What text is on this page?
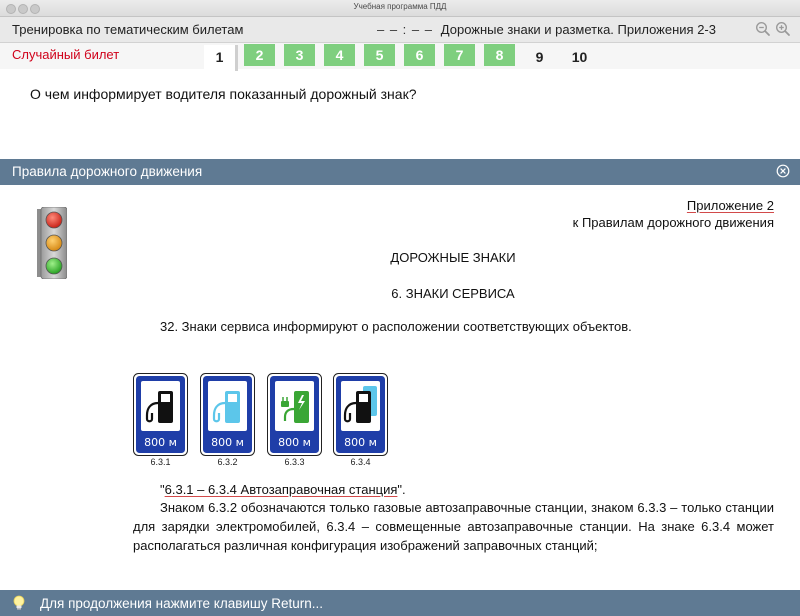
Учебная программа ПДД
Тренировка по тематическим билетам	– – : – – Дорожные знаки и разметка. Приложения 2-3
Случайный билет	1	2	3	4	5	6	7	8	9	10
О чем информирует водителя показанный дорожный знак?
Правила дорожного движения
Приложение 2
к Правилам дорожного движения
ДОРОЖНЫЕ ЗНАКИ
6. ЗНАКИ СЕРВИСА
32. Знаки сервиса информируют о расположении соответствующих объектов.
800 м
6.3.1
800 м
6.3.2
800 м
6.3.3
800 м
6.3.4
"6.3.1 – 6.3.4 Автозаправочная станция".
Знаком 6.3.2 обозначаются только газовые автозаправочные станции, знаком 6.3.3 – только станции для зарядки электромобилей, 6.3.4 – совмещенные автозаправочные станции. На знаке 6.3.4 может располагаться различная конфигурация изображений заправочных станций;
Для продолжения нажмите клавишу Return...
